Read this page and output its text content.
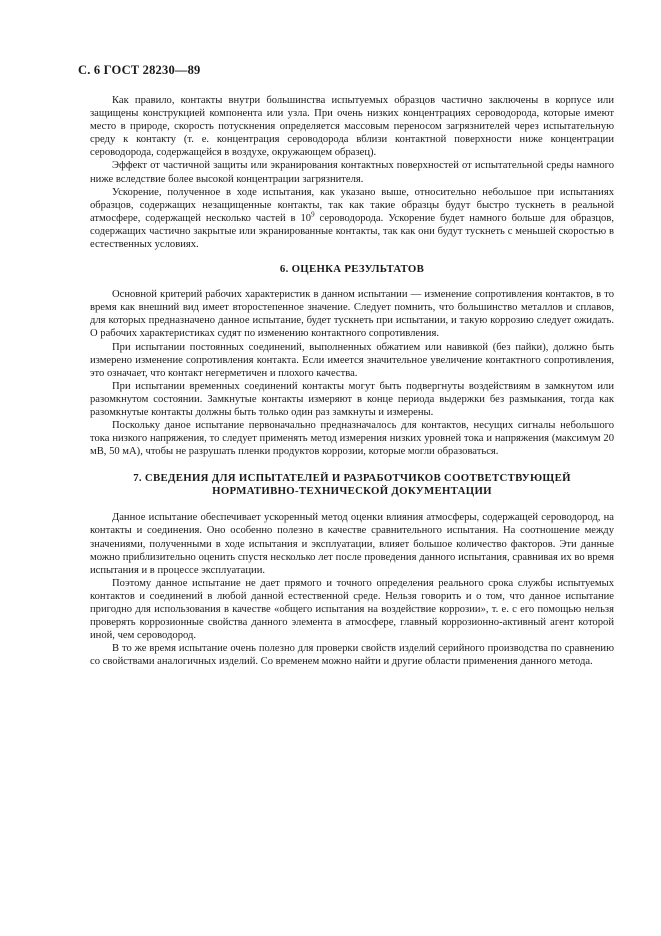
С. 6 ГОСТ 28230—89

Как правило, контакты внутри большинства испытуемых образцов частично заключены в корпусе или защищены конструкцией компонента или узла. При очень низких концентрациях сероводорода, которые имеют место в природе, скорость потускнения определяется массовым переносом загрязнителей через испытательную среду к контакту (т. е. концентрация сероводорода вблизи контактной поверхности ниже концентрации сероводорода, содержащейся в воздухе, окружающем образец).

Эффект от частичной защиты или экранирования контактных поверхностей от испытательной среды намного ниже вследствие более высокой концентрации загрязнителя.

Ускорение, полученное в ходе испытания, как указано выше, относительно небольшое при испытаниях образцов, содержащих незащищенные контакты, так как такие образцы будут быстро тускнеть в реальной атмосфере, содержащей несколько частей в $10^9$ сероводорода. Ускорение будет намного больше для образцов, содержащих частично закрытые или экранированные контакты, так как они будут тускнеть с меньшей скоростью в естественных условиях.

6. ОЦЕНКА РЕЗУЛЬТАТОВ

Основной критерий рабочих характеристик в данном испытании — изменение сопротивления контактов, в то время как внешний вид имеет второстепенное значение. Следует помнить, что большинство металлов и сплавов, для которых предназначено данное испытание, будет тускнеть при испытании, и такую коррозию следует ожидать. О рабочих характеристиках судят по изменению контактного сопротивления.

При испытании постоянных соединений, выполненных обжатием или навивкой (без пайки), должно быть измерено изменение сопротивления контакта. Если имеется значительное увеличение контактного сопротивления, это означает, что контакт негерметичен и плохого качества.

При испытании временных соединений контакты могут быть подвергнуты воздействиям в замкнутом или разомкнутом состоянии. Замкнутые контакты измеряют в конце периода выдержки без размыкания, тогда как разомкнутые контакты должны быть только один раз замкнуты и измерены.

Поскольку даное испытание первоначально предназначалось для контактов, несущих сигналы небольшого тока низкого напряжения, то следует применять метод измерения низких уровней тока и напряжения (максимум 20 мВ, 50 мА), чтобы не разрушать пленки продуктов коррозии, которые могли образоваться.

7. СВЕДЕНИЯ ДЛЯ ИСПЫТАТЕЛЕЙ И РАЗРАБОТЧИКОВ СООТВЕТСТВУЮЩЕЙ
НОРМАТИВНО-ТЕХНИЧЕСКОЙ ДОКУМЕНТАЦИИ

Данное испытание обеспечивает ускоренный метод оценки влияния атмосферы, содержащей сероводород, на контакты и соединения. Оно особенно полезно в качестве сравнительного испытания. На соотношение между значениями, полученными в ходе испытания и эксплуатации, влияет большое количество факторов. Эти данные можно приблизительно оценить спустя несколько лет после проведения данного испытания, сравнивая их во время испытания и в процессе эксплуатации.

Поэтому данное испытание не дает прямого и точного определения реального срока службы испытуемых контактов и соединений в любой данной естественной среде. Нельзя говорить и о том, что данное испытание пригодно для использования в качестве «общего испытания на воздействие коррозии», т. е. с его помощью нельзя проверять коррозионные свойства данного элемента в атмосфере, главный коррозионно-активный агент которой иной, чем сероводород.

В то же время испытание очень полезно для проверки свойств изделий серийного производства по сравнению со свойствами аналогичных изделий. Со временем можно найти и другие области применения данного метода.
